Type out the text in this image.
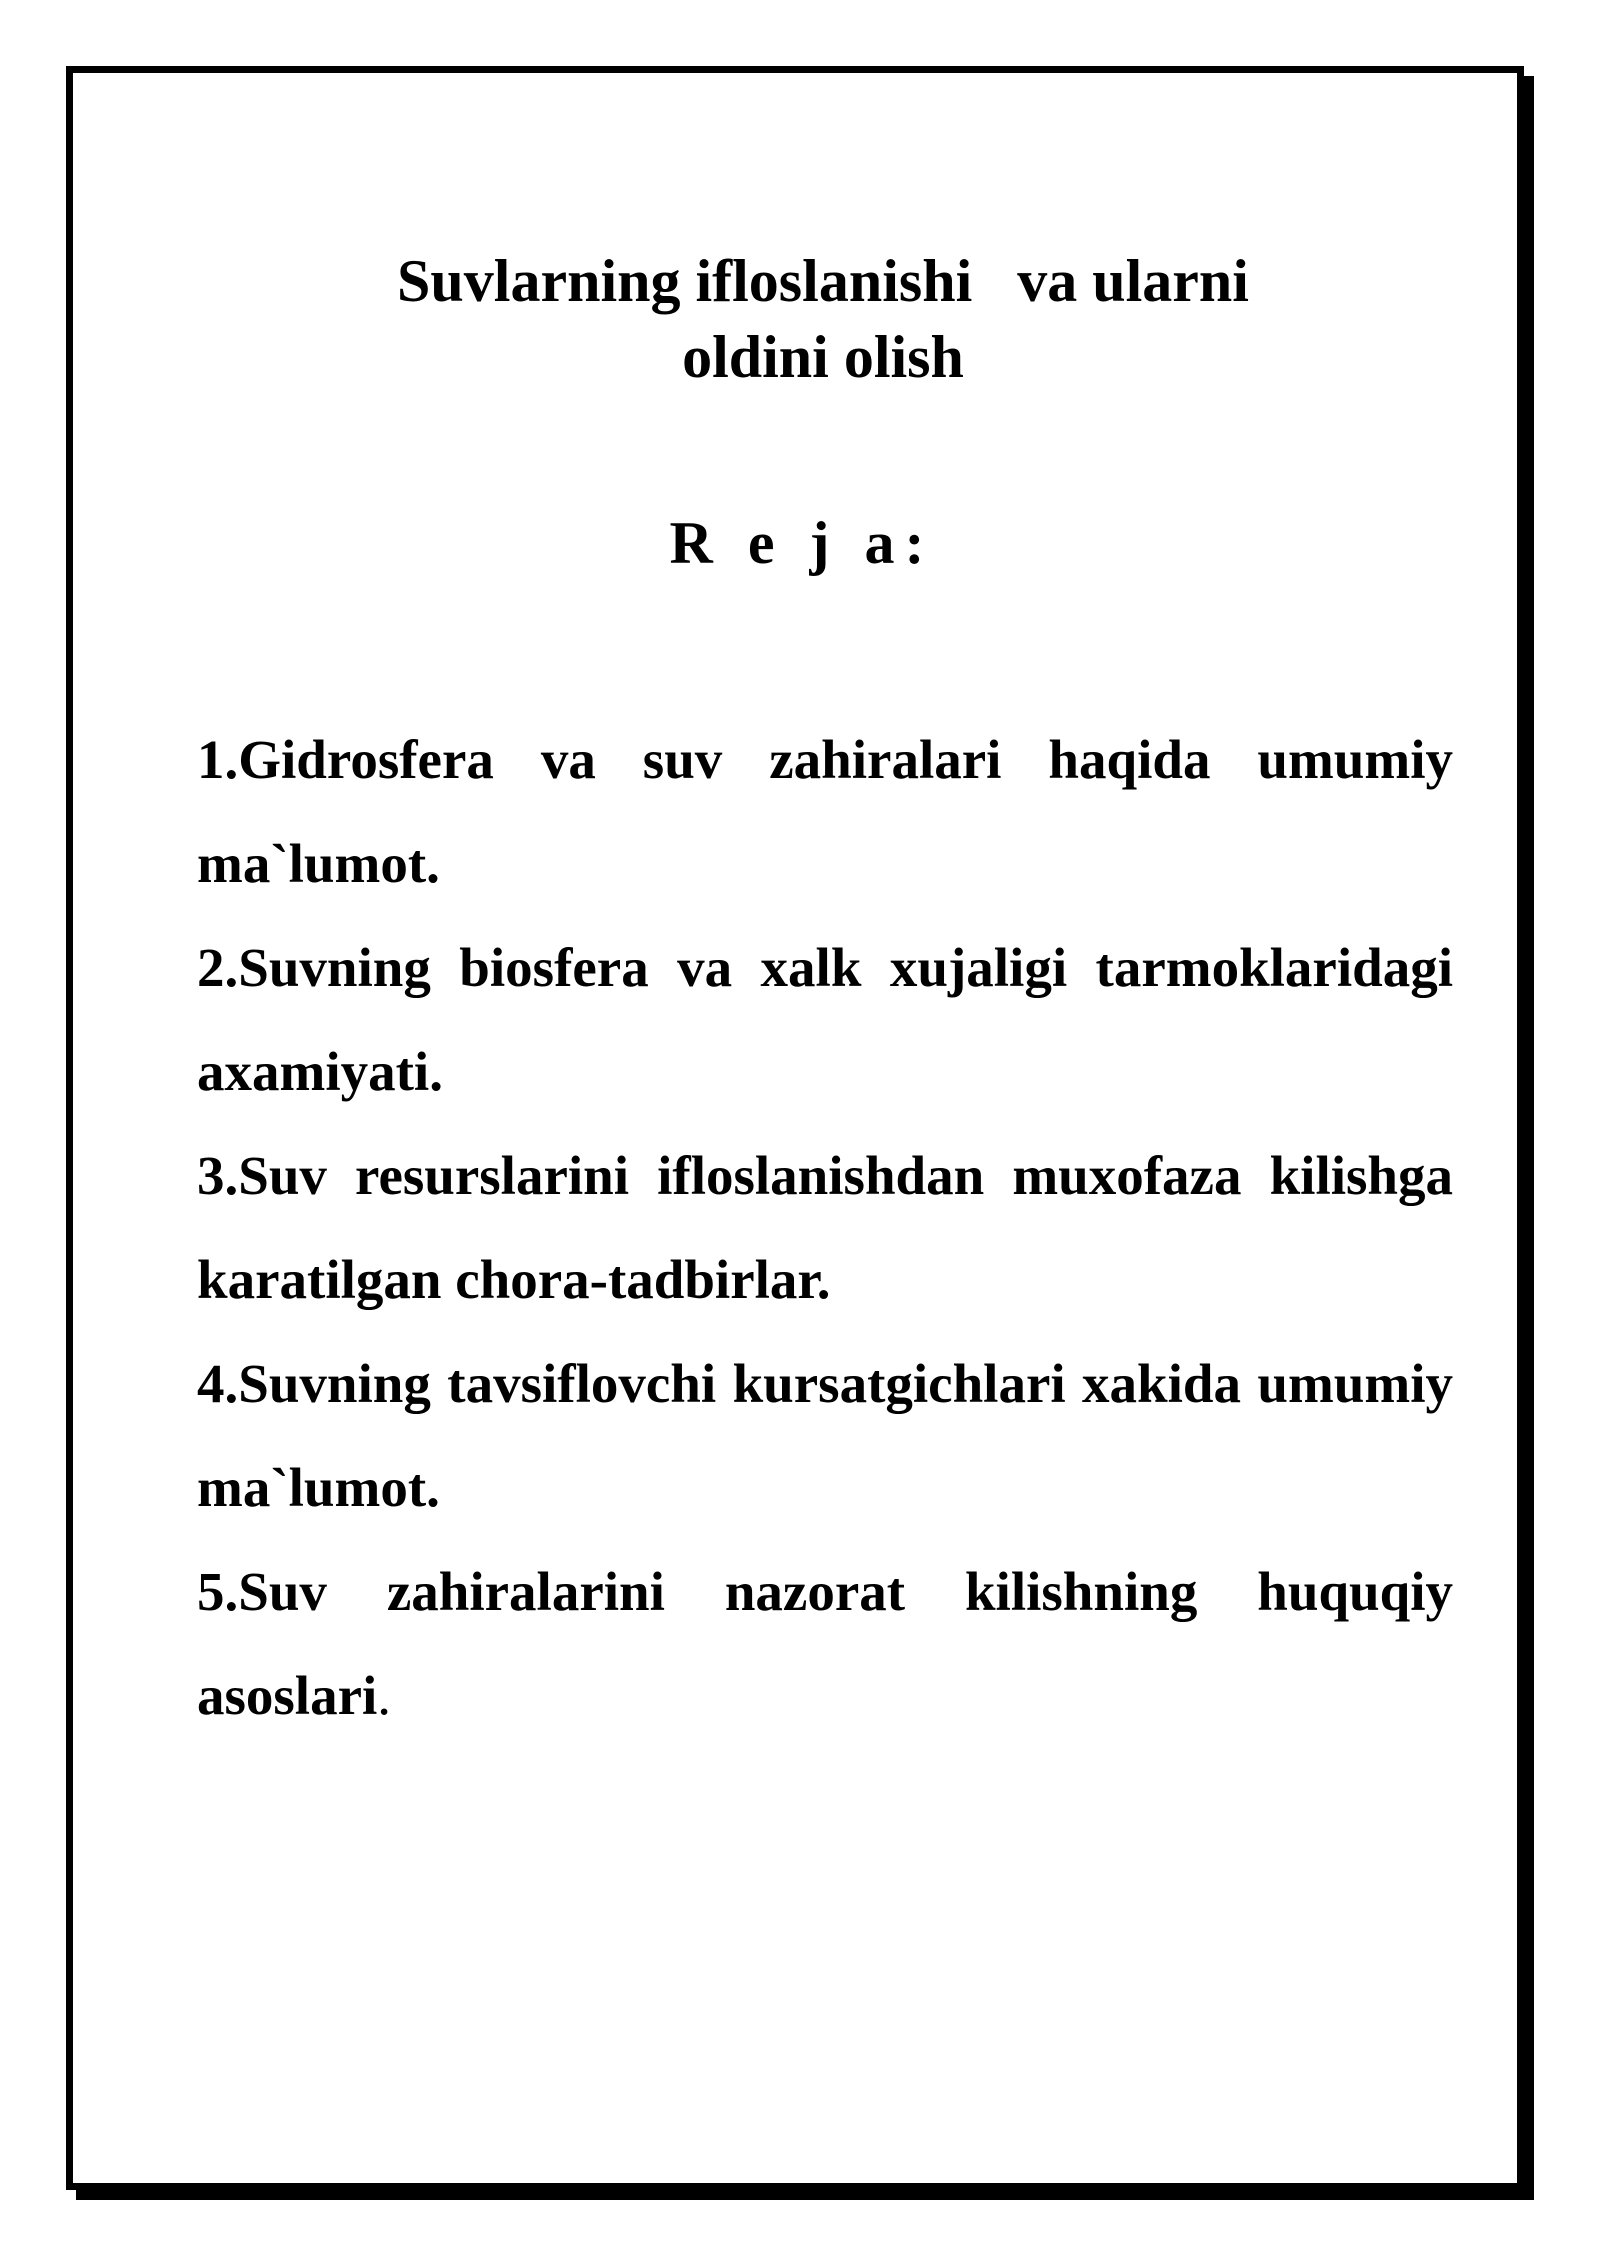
Suvlarning ifloslanishi   va ularni
oldini olish
R e j a:
1.Gidrosfera va suv zahiralari haqida umumiy ma`lumot.
2.Suvning biosfera va xalk xujaligi tarmoklaridagi axamiyati.
3.Suv resurslarini ifloslanishdan muxofaza kilishga karatilgan chora-tadbirlar.
4.Suvning tavsiflovchi kursatgichlari xakida umumiy ma`lumot.
5.Suv zahiralarini nazorat kilishning huquqiy asoslari.
